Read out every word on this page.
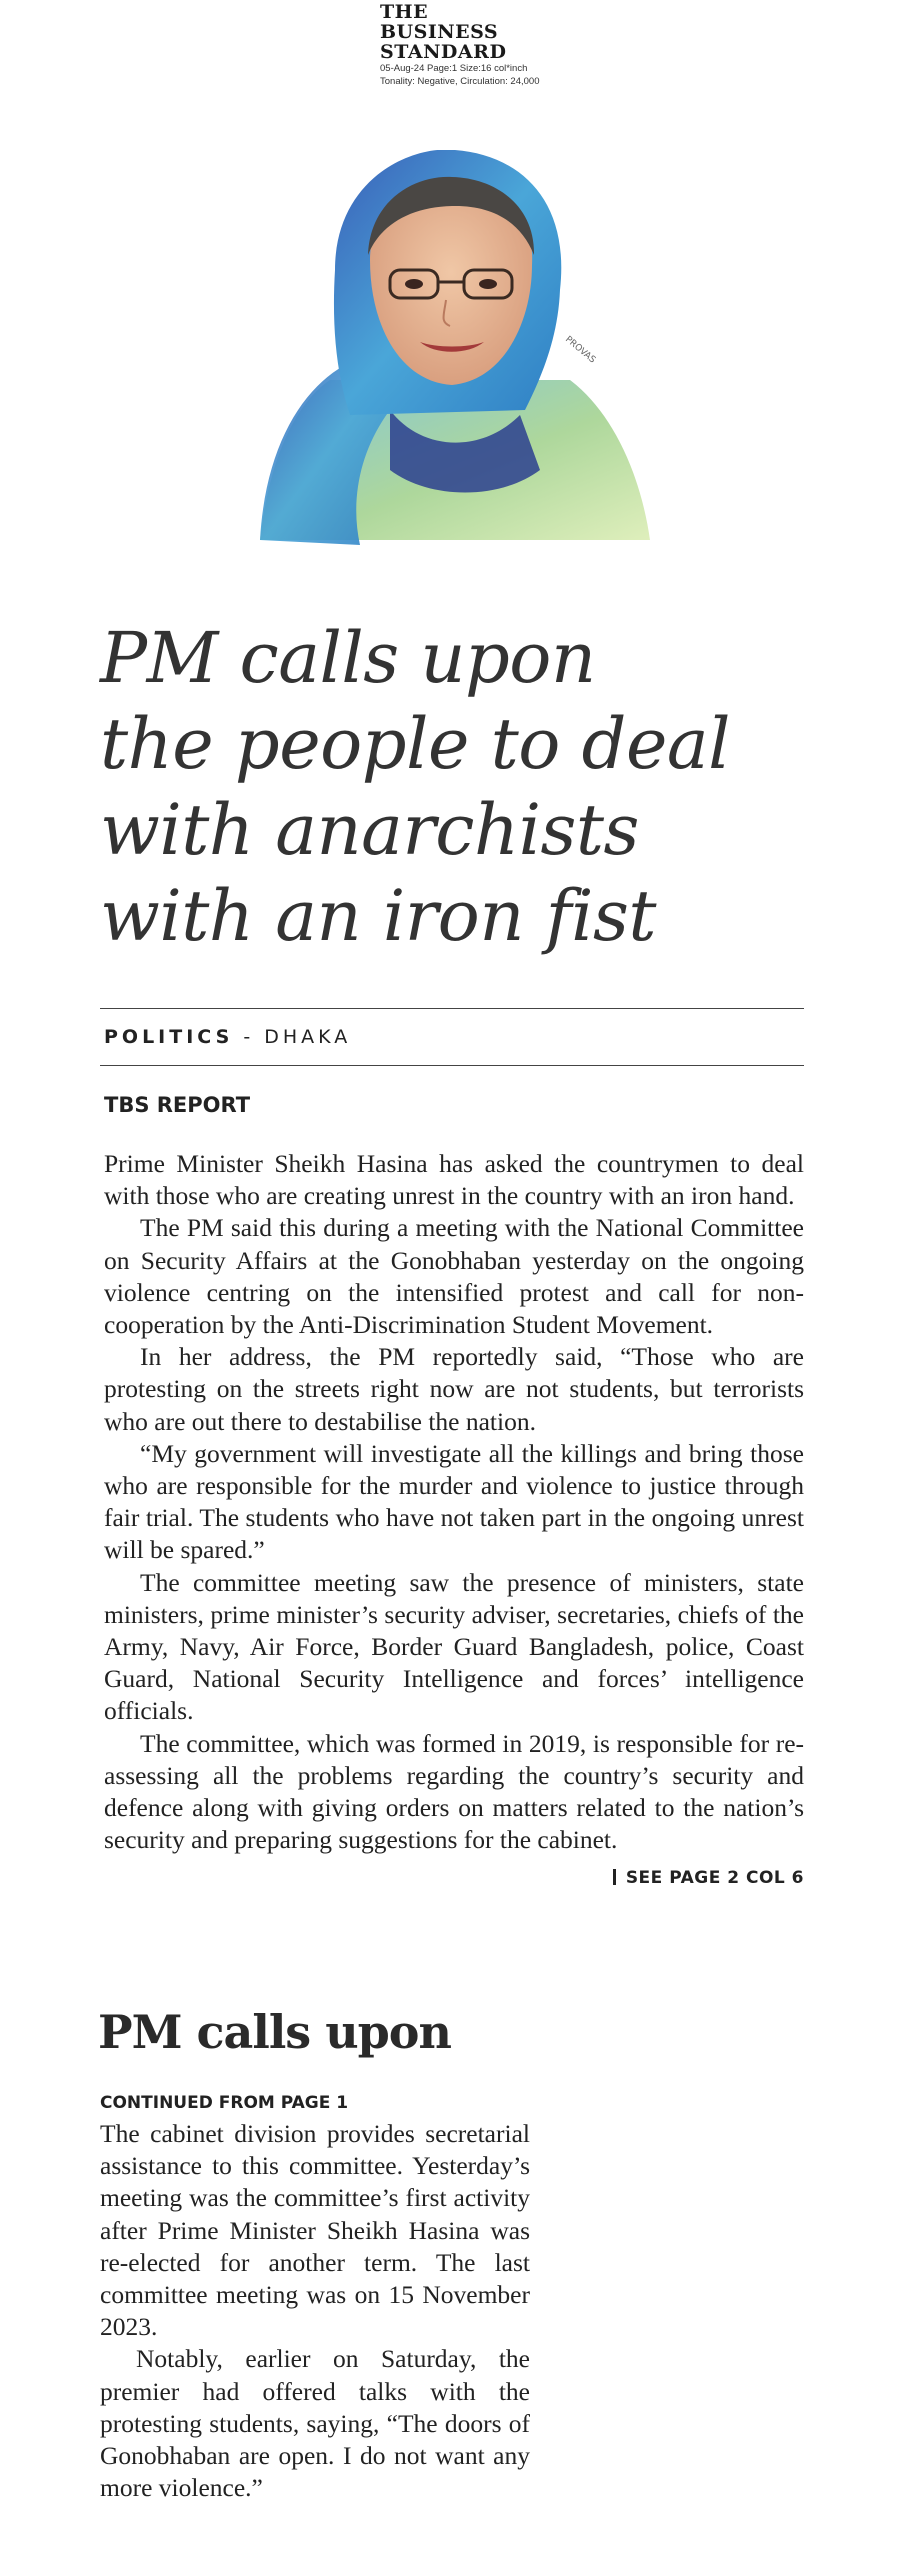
THE
BUSINESS
STANDARD
05-Aug-24 Page:1 Size:16 col*inch
Tonality: Negative, Circulation: 24,000
PROVAS
PM calls upon
the people to deal
with anarchists
with an iron fist
POLITICS - DHAKA
TBS REPORT

Prime Minister Sheikh Hasina has asked the countrymen to deal with those who are creating unrest in the country with an iron hand.

The PM said this during a meeting with the National Committee on Security Affairs at the Gonobhaban yesterday on the ongoing violence centring on the intensified protest and call for non-cooperation by the Anti-Discrimination Student Movement.

In her address, the PM reportedly said, “Those who are protesting on the streets right now are not students, but terrorists who are out there to destabilise the nation.

“My government will investigate all the killings and bring those who are responsible for the murder and violence to justice through fair trial. The students who have not taken part in the ongoing unrest will be spared.”

The committee meeting saw the presence of ministers, state ministers, prime minister’s security adviser, secretaries, chiefs of the Army, Navy, Air Force, Border Guard Bangladesh, police, Coast Guard, National Security Intelligence and forces’ intelligence officials.

The committee, which was formed in 2019, is responsible for re-assessing all the problems regarding the country’s security and defence along with giving orders on matters related to the nation’s security and preparing suggestions for the cabinet.
SEE PAGE 2 COL 6

PM calls upon
CONTINUED FROM PAGE 1

The cabinet division provides secretarial assistance to this committee. Yesterday’s meeting was the committee’s first activity after Prime Minister Sheikh Hasina was re-elected for another term. The last committee meeting was on 15 November 2023.

Notably, earlier on Saturday, the premier had offered talks with the protesting students, saying, “The doors of Gonobhaban are open. I do not want any more violence.”
